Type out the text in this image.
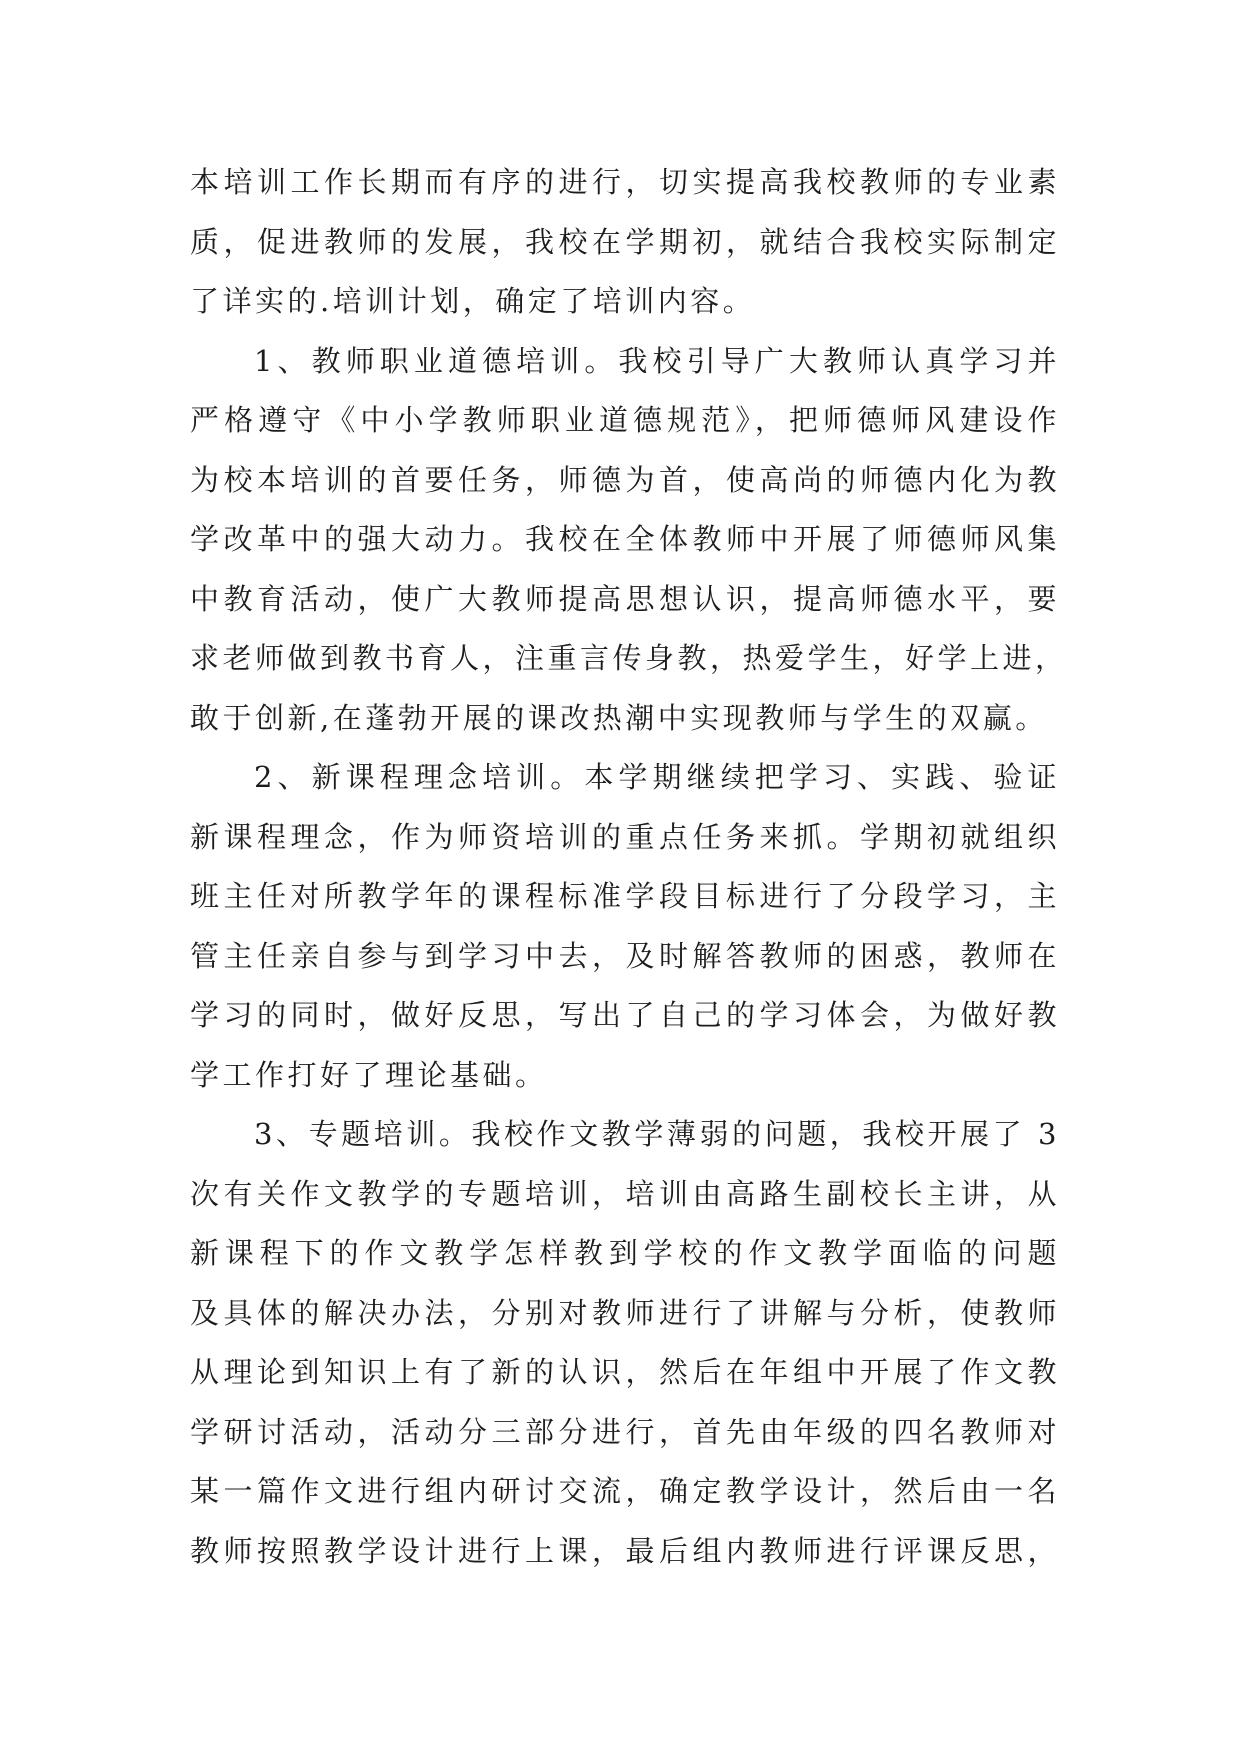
本培训工作长期而有序的进行，切实提高我校教师的专业素
质，促进教师的发展，我校在学期初，就结合我校实际制定
了详实的.培训计划，确定了培训内容。
1、教师职业道德培训。我校引导广大教师认真学习并
严格遵守《中小学教师职业道德规范》，把师德师风建设作
为校本培训的首要任务，师德为首，使高尚的师德内化为教
学改革中的强大动力。我校在全体教师中开展了师德师风集
中教育活动，使广大教师提高思想认识，提高师德水平，要
求老师做到教书育人，注重言传身教，热爱学生，好学上进，
敢于创新,在蓬勃开展的课改热潮中实现教师与学生的双赢。
2、新课程理念培训。本学期继续把学习、实践、验证
新课程理念，作为师资培训的重点任务来抓。学期初就组织
班主任对所教学年的课程标准学段目标进行了分段学习，主
管主任亲自参与到学习中去，及时解答教师的困惑，教师在
学习的同时，做好反思，写出了自己的学习体会，为做好教
学工作打好了理论基础。
3、专题培训。我校作文教学薄弱的问题，我校开展了 3
次有关作文教学的专题培训，培训由高路生副校长主讲，从
新课程下的作文教学怎样教到学校的作文教学面临的问题
及具体的解决办法，分别对教师进行了讲解与分析，使教师
从理论到知识上有了新的认识，然后在年组中开展了作文教
学研讨活动，活动分三部分进行，首先由年级的四名教师对
某一篇作文进行组内研讨交流，确定教学设计，然后由一名
教师按照教学设计进行上课，最后组内教师进行评课反思，
